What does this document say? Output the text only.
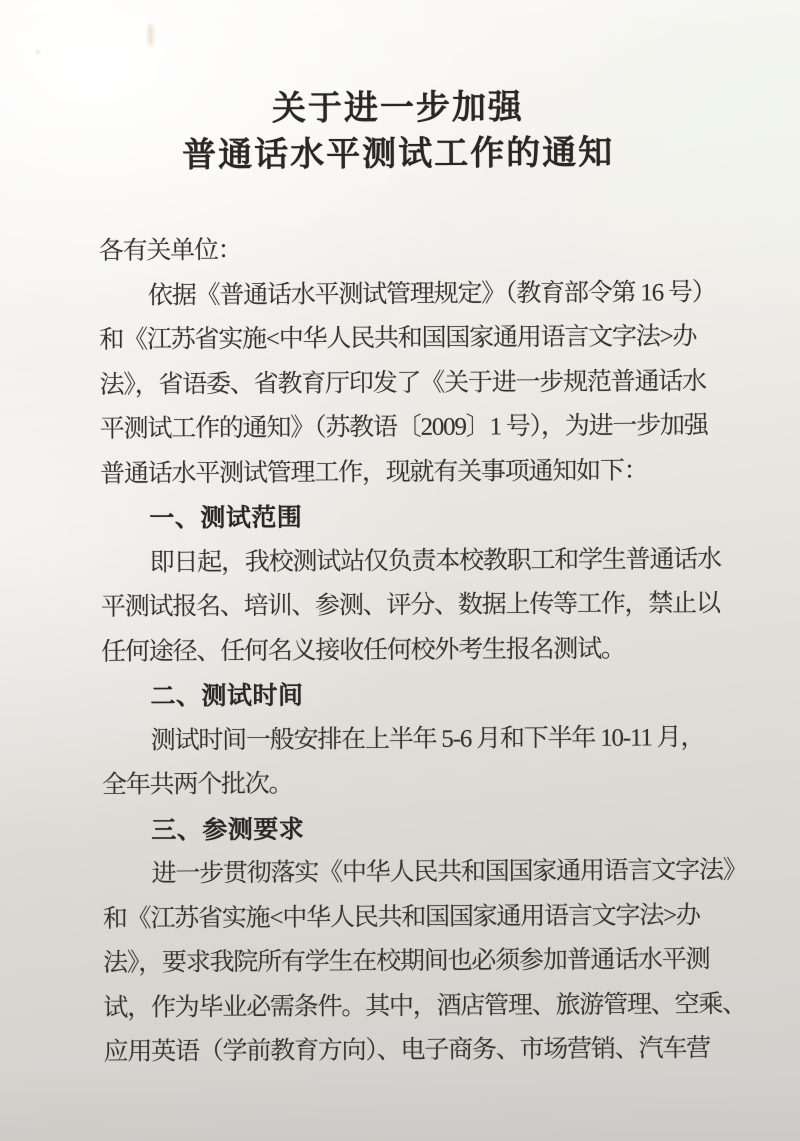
关于进一步加强
普通话水平测试工作的通知
各有关单位：
依据《普通话水平测试管理规定》（教育部令第 16 号）
和《江苏省实施<中华人民共和国国家通用语言文字法>办
法》，省语委、省教育厅印发了《关于进一步规范普通话水
平测试工作的通知》（苏教语〔2009〕1 号），为进一步加强
普通话水平测试管理工作，现就有关事项通知如下：
一、测试范围
即日起，我校测试站仅负责本校教职工和学生普通话水
平测试报名、培训、参测、评分、数据上传等工作，禁止以
任何途径、任何名义接收任何校外考生报名测试。
二、测试时间
测试时间一般安排在上半年 5-6 月和下半年 10-11 月，
全年共两个批次。
三、参测要求
进一步贯彻落实《中华人民共和国国家通用语言文字法》
和《江苏省实施<中华人民共和国国家通用语言文字法>办
法》，要求我院所有学生在校期间也必须参加普通话水平测
试，作为毕业必需条件。其中，酒店管理、旅游管理、空乘、
应用英语（学前教育方向）、电子商务、市场营销、汽车营
